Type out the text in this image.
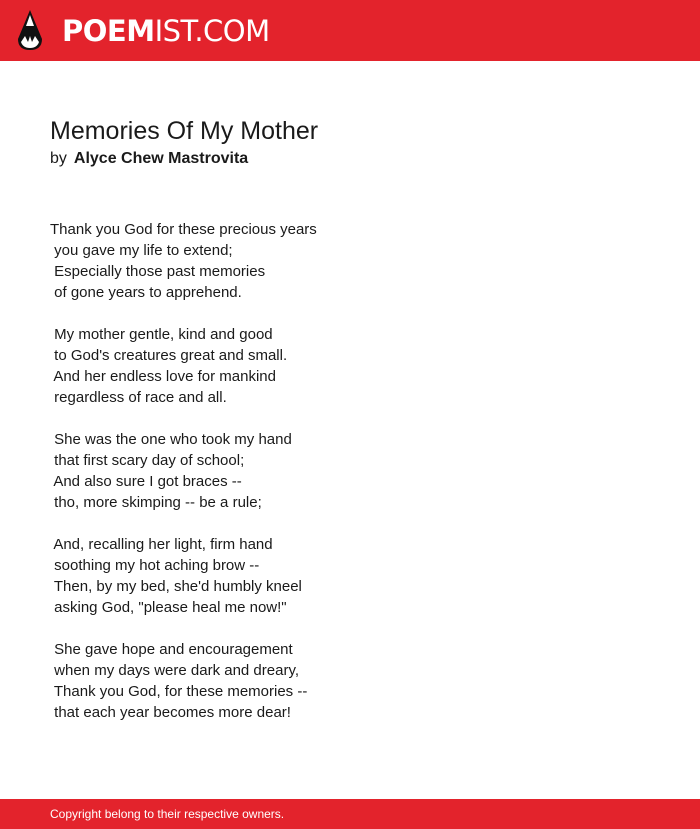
POEMIST.COM
Memories Of My Mother
by Alyce Chew Mastrovita
Thank you God for these precious years
you gave my life to extend;
Especially those past memories
of gone years to apprehend.
My mother gentle, kind and good
to God's creatures great and small.
And her endless love for mankind
regardless of race and all.
She was the one who took my hand
that first scary day of school;
And also sure I got braces --
tho, more skimping -- be a rule;
And, recalling her light, firm hand
soothing my hot aching brow --
Then, by my bed, she'd humbly kneel
asking God, "please heal me now!"
She gave hope and encouragement
when my days were dark and dreary,
Thank you God, for these memories --
that each year becomes more dear!
Copyright belong to their respective owners.
